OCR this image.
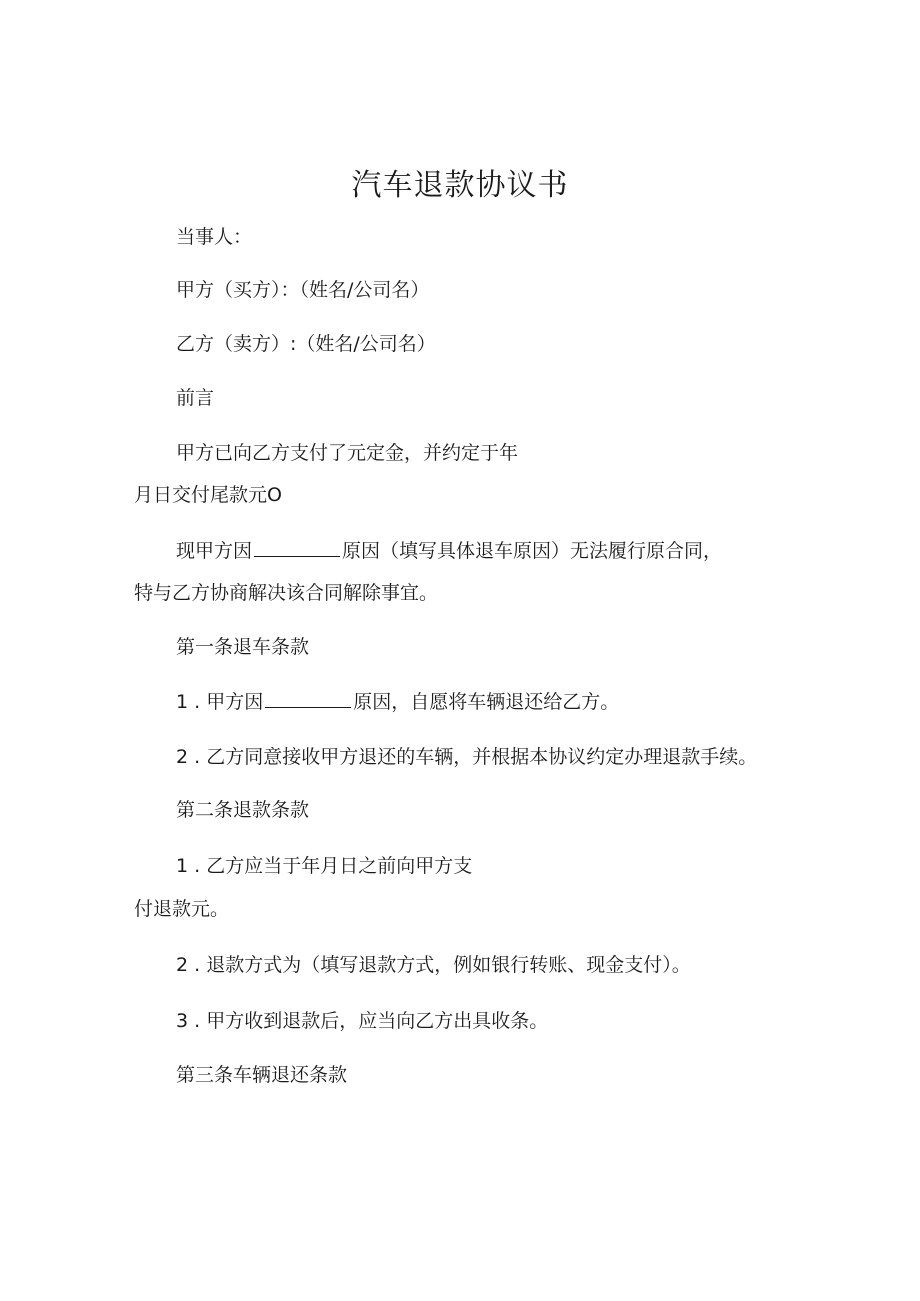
汽车退款协议书
当事人：
甲方（买方）：（姓名/公司名）
乙方（卖方）:（姓名/公司名）
前言
甲方已向乙方支付了元定金，并约定于年
月日交付尾款元O
现甲方因	原因（填写具体退车原因）无法履行原合同，
特与乙方协商解决该合同解除事宜。
第一条退车条款
1 . 甲方因	原因，自愿将车辆退还给乙方。
2 . 乙方同意接收甲方退还的车辆，并根据本协议约定办理退款手续。
第二条退款条款
1 . 乙方应当于年月日之前向甲方支
付退款元。
2 . 退款方式为（填写退款方式，例如银行转账、现金支付）。
3 . 甲方收到退款后，应当向乙方出具收条。
第三条车辆退还条款
